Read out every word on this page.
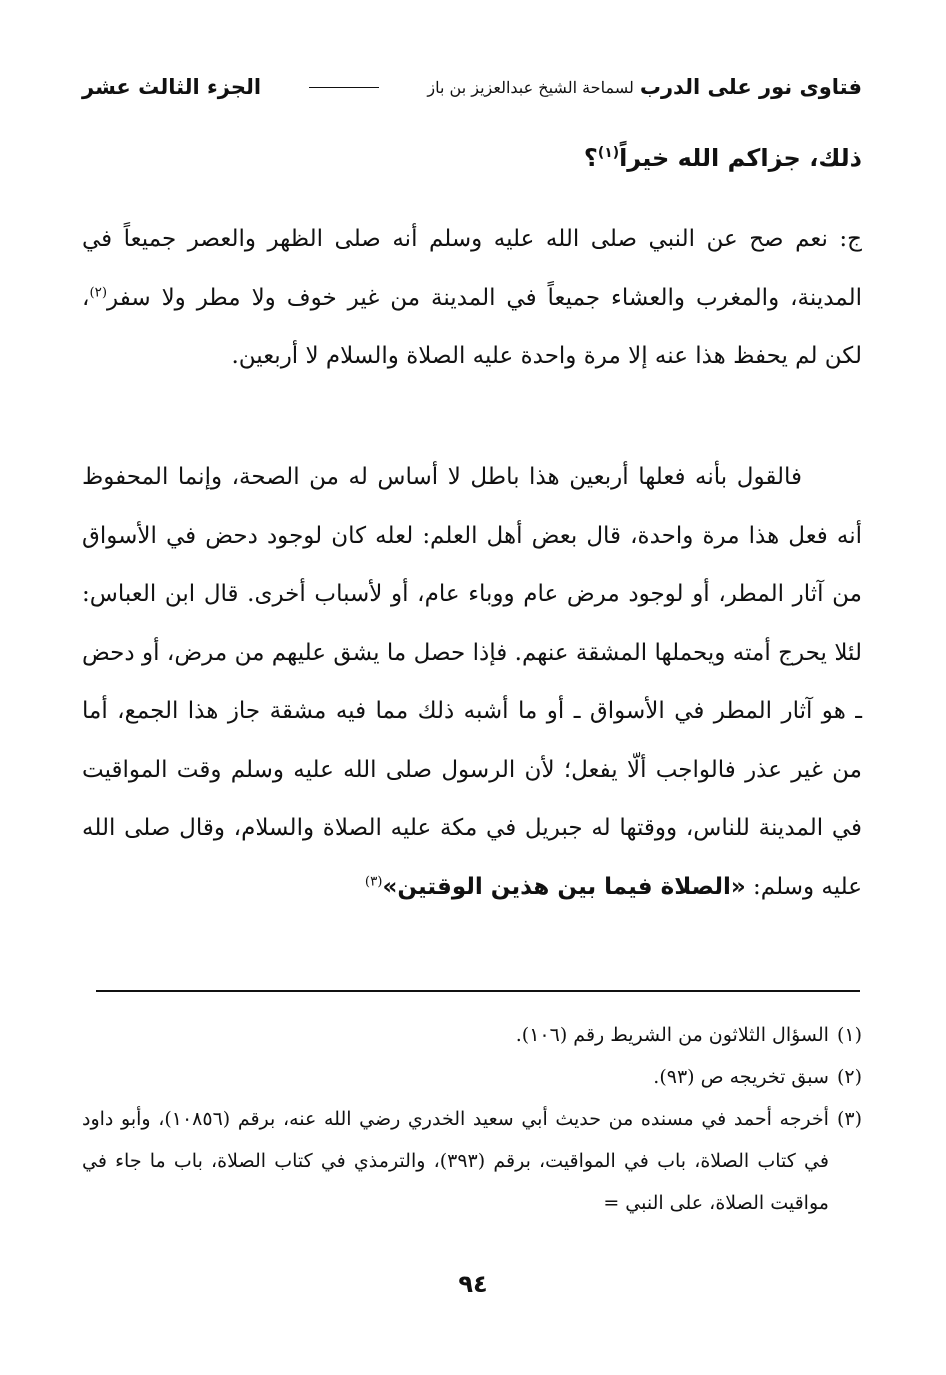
فتاوى نور على الدرب
لسماحة الشيخ عبدالعزيز بن باز
الجزء الثالث عشر
ذلك، جزاكم الله خيراً$^{(١)}$؟
ج: نعم صح عن النبي صلى الله عليه وسلم أنه صلى الظهر والعصر جميعاً في المدينة، والمغرب والعشاء جميعاً في المدينة من غير خوف ولا مطر ولا سفر$^{(٢)}$، لكن لم يحفظ هذا عنه إلا مرة واحدة عليه الصلاة والسلام لا أربعين.
فالقول بأنه فعلها أربعين هذا باطل لا أساس له من الصحة، وإنما المحفوظ أنه فعل هذا مرة واحدة، قال بعض أهل العلم: لعله كان لوجود دحض في الأسواق من آثار المطر، أو لوجود مرض عام ووباء عام، أو لأسباب أخرى. قال ابن العباس: لئلا يحرج أمته ويحملها المشقة عنهم. فإذا حصل ما يشق عليهم من مرض، أو دحض ـ هو آثار المطر في الأسواق ـ أو ما أشبه ذلك مما فيه مشقة جاز هذا الجمع، أما من غير عذر فالواجب ألّا يفعل؛ لأن الرسول صلى الله عليه وسلم وقت المواقيت في المدينة للناس، ووقتها له جبريل في مكة عليه الصلاة والسلام، وقال صلى الله عليه وسلم: «الصلاة فيما بين هذين الوقتين»$^{(٣)}$
(١)
السؤال الثلاثون من الشريط رقم (١٠٦).
(٢)
سبق تخريجه ص (٩٣).
(٣)
أخرجه أحمد في مسنده من حديث أبي سعيد الخدري رضي الله عنه، برقم (١٠٨٥٦)، وأبو داود في كتاب الصلاة، باب في المواقيت، برقم (٣٩٣)، والترمذي في كتاب الصلاة، باب ما جاء في مواقيت الصلاة، على النبي =
٩٤
